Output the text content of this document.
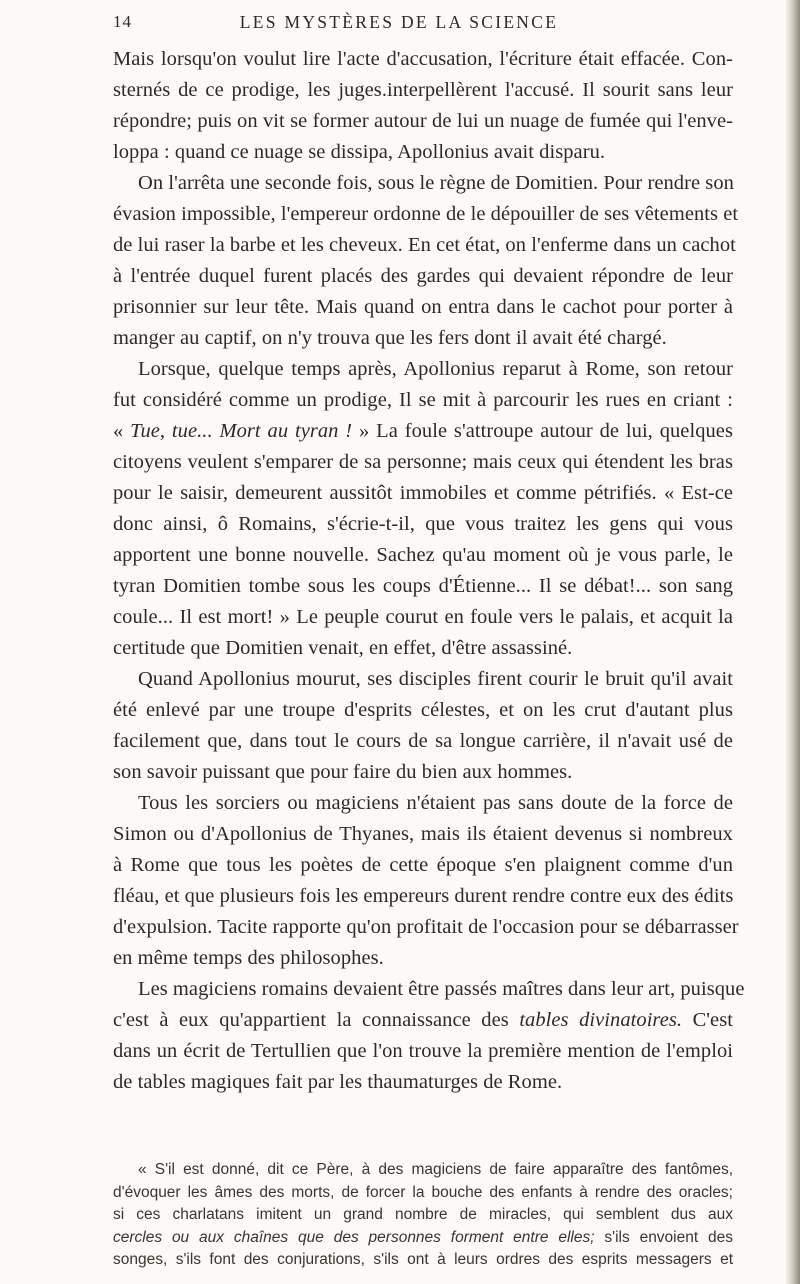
14	LES MYSTÈRES DE LA SCIENCE
Mais lorsqu'on voulut lire l'acte d'accusation, l'écriture était effacée. Con-
sternés de ce prodige, les juges.interpellèrent l'accusé. Il sourit sans leur
répondre; puis on vit se former autour de lui un nuage de fumée qui l'enve-
loppa : quand ce nuage se dissipa, Apollonius avait disparu.
On l'arrêta une seconde fois, sous le règne de Domitien. Pour rendre son
évasion impossible, l'empereur ordonne de le dépouiller de ses vêtements et
de lui raser la barbe et les cheveux. En cet état, on l'enferme dans un cachot
à l'entrée duquel furent placés des gardes qui devaient répondre de leur
prisonnier sur leur tête. Mais quand on entra dans le cachot pour porter à
manger au captif, on n'y trouva que les fers dont il avait été chargé.
Lorsque, quelque temps après, Apollonius reparut à Rome, son retour
fut considéré comme un prodige, Il se mit à parcourir les rues en criant :
« Tue, tue... Mort au tyran ! » La foule s'attroupe autour de lui, quelques
citoyens veulent s'emparer de sa personne; mais ceux qui étendent les bras
pour le saisir, demeurent aussitôt immobiles et comme pétrifiés. « Est-ce
donc ainsi, ô Romains, s'écrie-t-il, que vous traitez les gens qui vous
apportent une bonne nouvelle. Sachez qu'au moment où je vous parle, le
tyran Domitien tombe sous les coups d'Étienne... Il se débat!... son sang
coule... Il est mort! » Le peuple courut en foule vers le palais, et acquit la
certitude que Domitien venait, en effet, d'être assassiné.
Quand Apollonius mourut, ses disciples firent courir le bruit qu'il avait
été enlevé par une troupe d'esprits célestes, et on les crut d'autant plus
facilement que, dans tout le cours de sa longue carrière, il n'avait usé de
son savoir puissant que pour faire du bien aux hommes.
Tous les sorciers ou magiciens n'étaient pas sans doute de la force de
Simon ou d'Apollonius de Thyanes, mais ils étaient devenus si nombreux
à Rome que tous les poètes de cette époque s'en plaignent comme d'un
fléau, et que plusieurs fois les empereurs durent rendre contre eux des édits
d'expulsion. Tacite rapporte qu'on profitait de l'occasion pour se débarrasser
en même temps des philosophes.
Les magiciens romains devaient être passés maîtres dans leur art, puisque
c'est à eux qu'appartient la connaissance des tables divinatoires. C'est
dans un écrit de Tertullien que l'on trouve la première mention de l'emploi
de tables magiques fait par les thaumaturges de Rome.
« S'il est donné, dit ce Père, à des magiciens de faire apparaître des fantômes,
d'évoquer les âmes des morts, de forcer la bouche des enfants à rendre des oracles;
si ces charlatans imitent un grand nombre de miracles, qui semblent dus aux
cercles ou aux chaînes que des personnes forment entre elles; s'ils envoient des
songes, s'ils font des conjurations, s'ils ont à leurs ordres des esprits messagers et
